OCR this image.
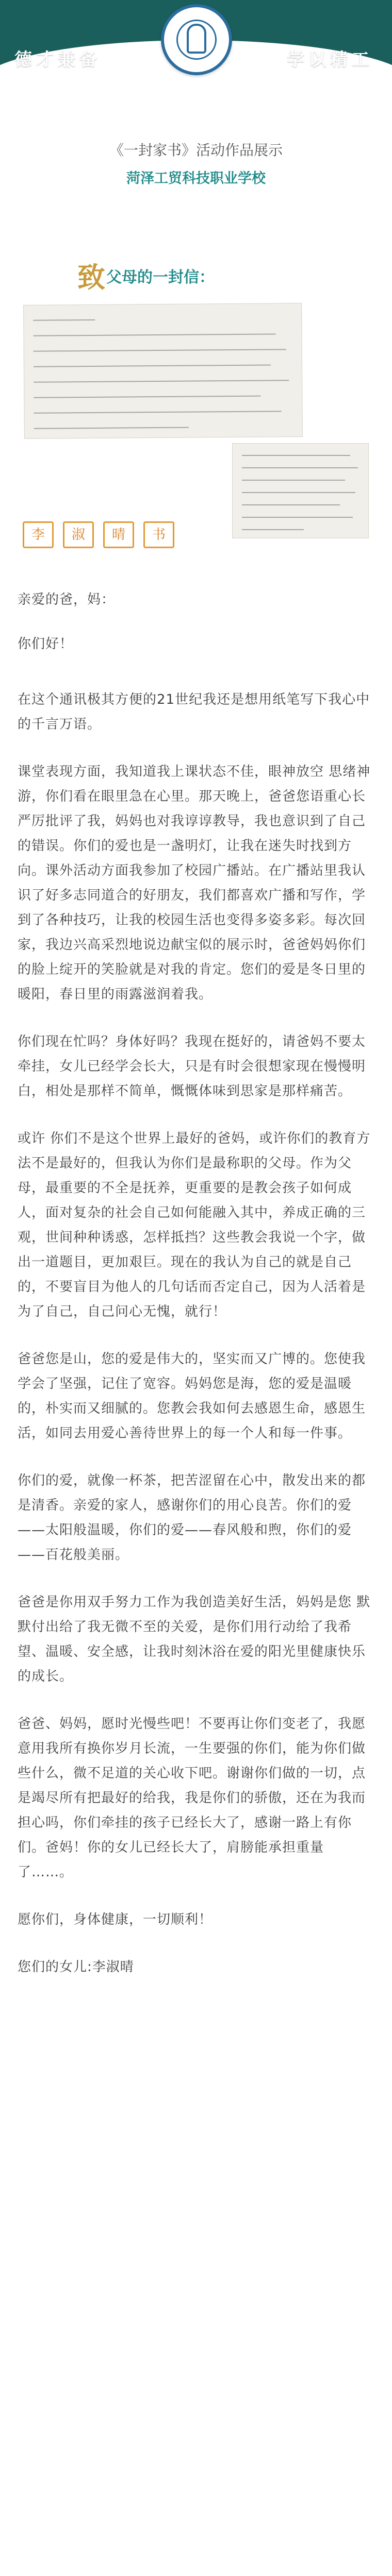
德才兼备	学以精工
《一封家书》活动作品展示
菏泽工贸科技职业学校
致父母的一封信：
李 淑 晴 书

亲爱的爸，妈：

你们好！

在这个通讯极其方便的21世纪我还是想用纸笔写下我心中的千言万语。

课堂表现方面，我知道我上课状态不佳，眼神放空 思绪神游，你们看在眼里急在心里。那天晚上，爸爸您语重心长严厉批评了我，妈妈也对我谆谆教导，我也意识到了自己的错误。你们的爱也是一盏明灯，让我在迷失时找到方向。课外活动方面我参加了校园广播站。在广播站里我认识了好多志同道合的好朋友，我们都喜欢广播和写作，学到了各种技巧，让我的校园生活也变得多姿多彩。每次回家，我边兴高采烈地说边献宝似的展示时，爸爸妈妈你们的脸上绽开的笑脸就是对我的肯定。您们的爱是冬日里的暖阳，春日里的雨露滋润着我。

你们现在忙吗？身体好吗？我现在挺好的，请爸妈不要太牵挂，女儿已经学会长大，只是有时会很想家现在慢慢明白，相处是那样不简单，慨慨体味到思家是那样痛苦。

或许 你们不是这个世界上最好的爸妈，或许你们的教育方法不是最好的，但我认为你们是最称职的父母。作为父母，最重要的不全是抚养，更重要的是教会孩子如何成人，面对复杂的社会自己如何能融入其中，养成正确的三观，世间种种诱惑，怎样抵挡？这些教会我说一个字，做出一道题目，更加艰巨。现在的我认为自己的就是自己的，不要盲目为他人的几句话而否定自己，因为人活着是为了自己，自己问心无愧，就行！

爸爸您是山，您的爱是伟大的，坚实而又广博的。您使我学会了坚强，记住了宽容。妈妈您是海，您的爱是温暖的，朴实而又细腻的。您教会我如何去感恩生命，感恩生活，如同去用爱心善待世界上的每一个人和每一件事。

你们的爱，就像一杯茶，把苦涩留在心中，散发出来的都是清香。亲爱的家人，感谢你们的用心良苦。你们的爱——太阳般温暖，你们的爱——春风般和煦，你们的爱——百花般美丽。

爸爸是你用双手努力工作为我创造美好生活，妈妈是您 默默付出给了我无微不至的关爱，是你们用行动给了我希望、温暖、安全感，让我时刻沐浴在爱的阳光里健康快乐的成长。

爸爸、妈妈，愿时光慢些吧！不要再让你们变老了，我愿意用我所有换你岁月长流，一生要强的你们，能为你们做些什么，微不足道的关心收下吧。谢谢你们做的一切，点是竭尽所有把最好的给我，我是你们的骄傲，还在为我而担心吗，你们牵挂的孩子已经长大了，感谢一路上有你们。爸妈！你的女儿已经长大了，肩膀能承担重量了……。

愿你们，身体健康，一切顺利！

您们的女儿:李淑晴
